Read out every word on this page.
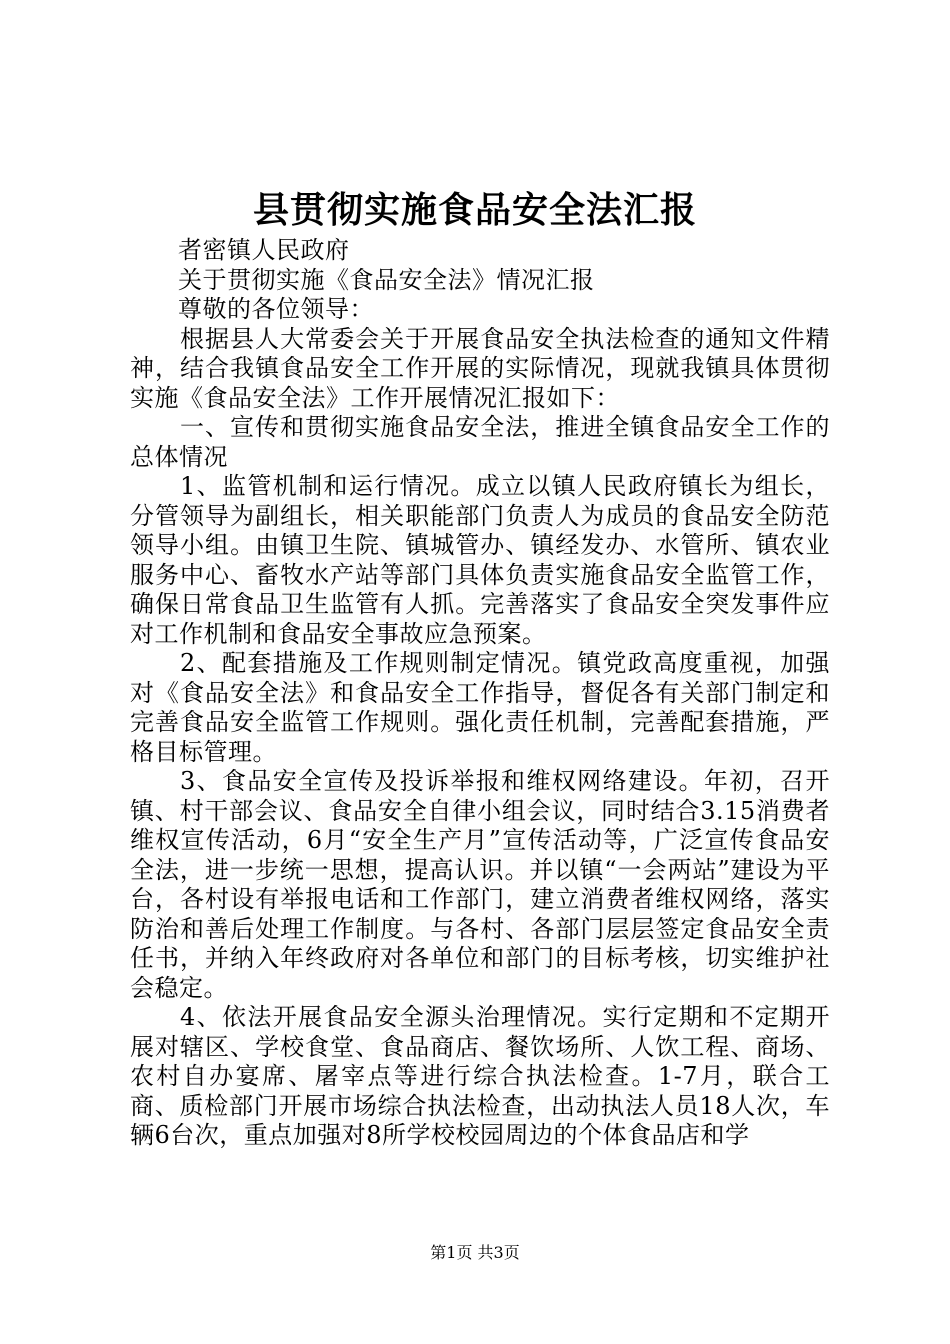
县贯彻实施食品安全法汇报

者密镇人民政府

关于贯彻实施《食品安全法》情况汇报

尊敬的各位领导：

根据县人大常委会关于开展食品安全执法检查的通知文件精神，结合我镇食品安全工作开展的实际情况，现就我镇具体贯彻实施《食品安全法》工作开展情况汇报如下：

一、宣传和贯彻实施食品安全法，推进全镇食品安全工作的总体情况

1、监管机制和运行情况。成立以镇人民政府镇长为组长，分管领导为副组长，相关职能部门负责人为成员的食品安全防范领导小组。由镇卫生院、镇城管办、镇经发办、水管所、镇农业服务中心、畜牧水产站等部门具体负责实施食品安全监管工作，确保日常食品卫生监管有人抓。完善落实了食品安全突发事件应对工作机制和食品安全事故应急预案。

2、配套措施及工作规则制定情况。镇党政高度重视，加强对《食品安全法》和食品安全工作指导，督促各有关部门制定和完善食品安全监管工作规则。强化责任机制，完善配套措施，严格目标管理。

3、食品安全宣传及投诉举报和维权网络建设。年初，召开镇、村干部会议、食品安全自律小组会议，同时结合3.15消费者维权宣传活动，6月“安全生产月”宣传活动等，广泛宣传食品安全法，进一步统一思想，提高认识。并以镇“一会两站”建设为平台，各村设有举报电话和工作部门，建立消费者维权网络，落实防治和善后处理工作制度。与各村、各部门层层签定食品安全责任书，并纳入年终政府对各单位和部门的目标考核，切实维护社会稳定。

4、依法开展食品安全源头治理情况。实行定期和不定期开展对辖区、学校食堂、食品商店、餐饮场所、人饮工程、商场、农村自办宴席、屠宰点等进行综合执法检查。1-7月，联合工商、质检部门开展市场综合执法检查，出动执法人员18人次，车辆6台次，重点加强对8所学校校园周边的个体食品店和学

第1页 共3页
